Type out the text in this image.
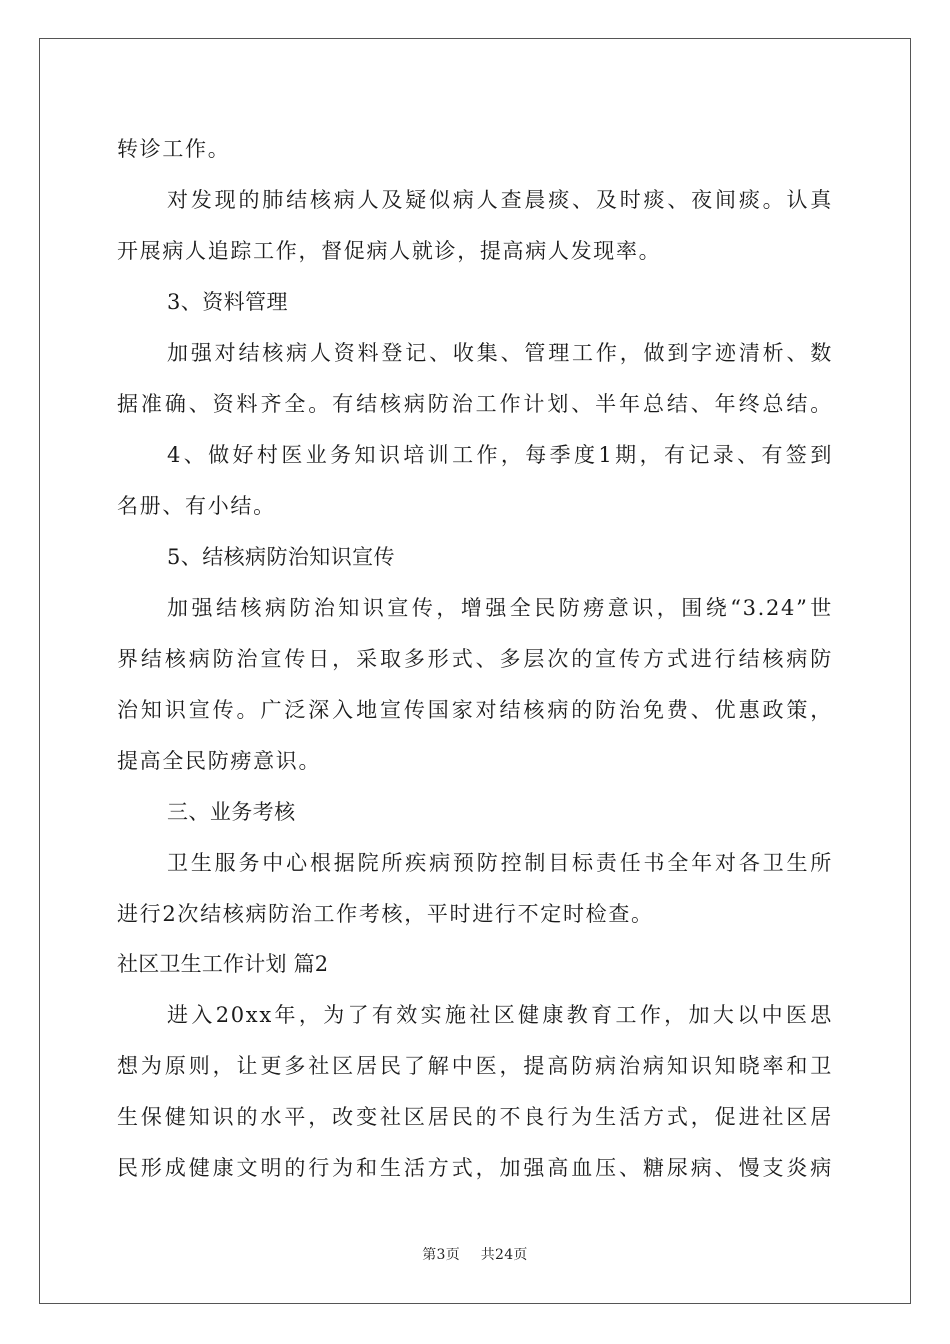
转诊工作。
对发现的肺结核病人及疑似病人查晨痰、及时痰、夜间痰。认真
开展病人追踪工作，督促病人就诊，提高病人发现率。
3、资料管理
加强对结核病人资料登记、收集、管理工作，做到字迹清析、数
据准确、资料齐全。有结核病防治工作计划、半年总结、年终总结。
4、做好村医业务知识培训工作，每季度1期，有记录、有签到
名册、有小结。
5、结核病防治知识宣传
加强结核病防治知识宣传，增强全民防痨意识，围绕“3.24”世
界结核病防治宣传日，采取多形式、多层次的宣传方式进行结核病防
治知识宣传。广泛深入地宣传国家对结核病的防治免费、优惠政策，
提高全民防痨意识。
三、业务考核
卫生服务中心根据院所疾病预防控制目标责任书全年对各卫生所
进行2次结核病防治工作考核，平时进行不定时检查。
社区卫生工作计划 篇2
进入20xx年，为了有效实施社区健康教育工作，加大以中医思
想为原则，让更多社区居民了解中医，提高防病治病知识知晓率和卫
生保健知识的水平，改变社区居民的不良行为生活方式，促进社区居
民形成健康文明的行为和生活方式，加强高血压、糖尿病、慢支炎病
第3页 共24页
